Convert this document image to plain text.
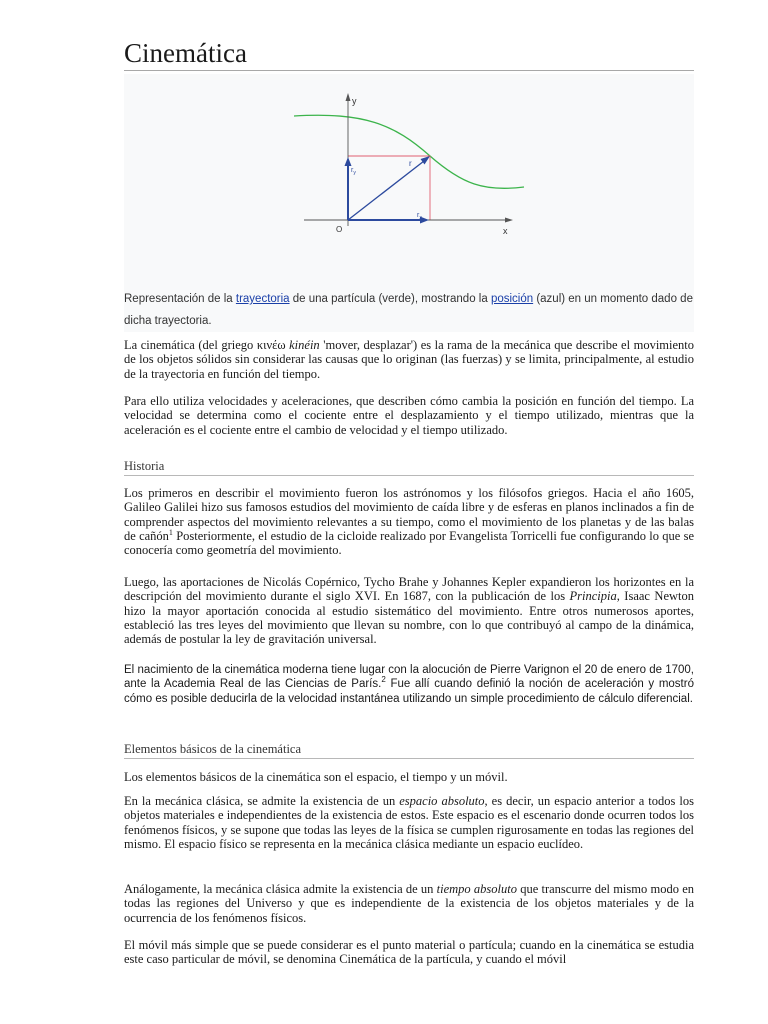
Cinemática
y
x
O
r
$r_y$
$r_x$
Representación de la trayectoria de una partícula (verde), mostrando la posición (azul) en un momento dado de dicha trayectoria.

La cinemática (del griego κινέω kinéin 'mover, desplazar') es la rama de la mecánica que describe el movimiento de los objetos sólidos sin considerar las causas que lo originan (las fuerzas) y se limita, principalmente, al estudio de la trayectoria en función del tiempo.

Para ello utiliza velocidades y aceleraciones, que describen cómo cambia la posición en función del tiempo. La velocidad se determina como el cociente entre el desplazamiento y el tiempo utilizado, mientras que la aceleración es el cociente entre el cambio de velocidad y el tiempo utilizado.

Historia

Los primeros en describir el movimiento fueron los astrónomos y los filósofos griegos. Hacia el año 1605, Galileo Galilei hizo sus famosos estudios del movimiento de caída libre y de esferas en planos inclinados a fin de comprender aspectos del movimiento relevantes a su tiempo, como el movimiento de los planetas y de las balas de cañón$^1$ Posteriormente, el estudio de la cicloide realizado por Evangelista Torricelli fue configurando lo que se conocería como geometría del movimiento.

Luego, las aportaciones de Nicolás Copérnico, Tycho Brahe y Johannes Kepler expandieron los horizontes en la descripción del movimiento durante el siglo XVI. En 1687, con la publicación de los Principia, Isaac Newton hizo la mayor aportación conocida al estudio sistemático del movimiento. Entre otros numerosos aportes, estableció las tres leyes del movimiento que llevan su nombre, con lo que contribuyó al campo de la dinámica, además de postular la ley de gravitación universal.

El nacimiento de la cinemática moderna tiene lugar con la alocución de Pierre Varignon el 20 de enero de 1700, ante la Academia Real de las Ciencias de París.$^2$ Fue allí cuando definió la noción de aceleración y mostró cómo es posible deducirla de la velocidad instantánea utilizando un simple procedimiento de cálculo diferencial.

Elementos básicos de la cinemática

Los elementos básicos de la cinemática son el espacio, el tiempo y un móvil.

En la mecánica clásica, se admite la existencia de un espacio absoluto, es decir, un espacio anterior a todos los objetos materiales e independientes de la existencia de estos. Este espacio es el escenario donde ocurren todos los fenómenos físicos, y se supone que todas las leyes de la física se cumplen rigurosamente en todas las regiones del mismo. El espacio físico se representa en la mecánica clásica mediante un espacio euclídeo.

Análogamente, la mecánica clásica admite la existencia de un tiempo absoluto que transcurre del mismo modo en todas las regiones del Universo y que es independiente de la existencia de los objetos materiales y de la ocurrencia de los fenómenos físicos.

El móvil más simple que se puede considerar es el punto material o partícula; cuando en la cinemática se estudia este caso particular de móvil, se denomina Cinemática de la partícula, y cuando el móvil
